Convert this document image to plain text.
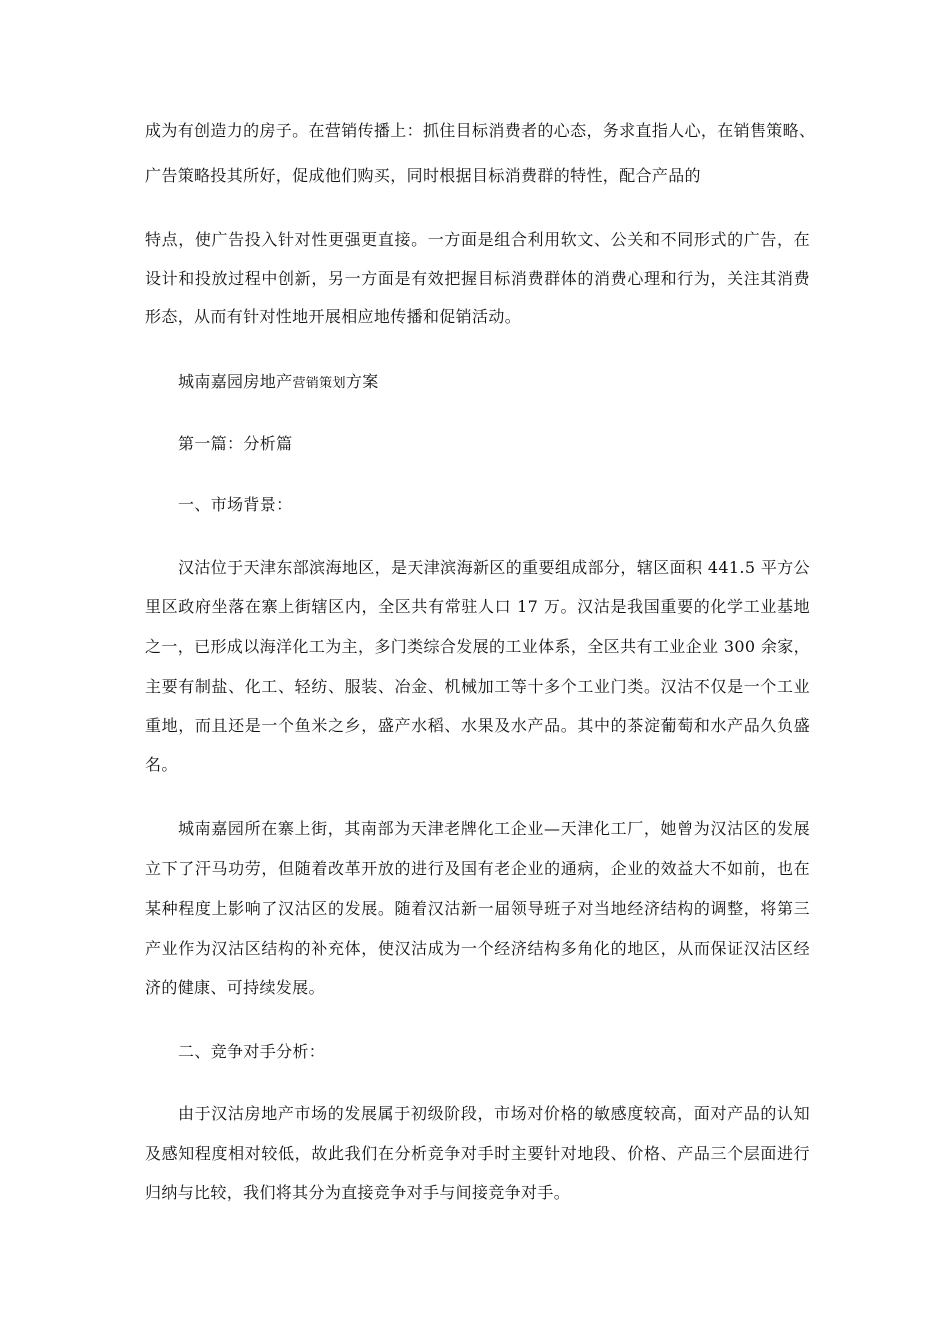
成为有创造力的房子。在营销传播上：抓住目标消费者的心态，务求直指人心，在销售策略、
广告策略投其所好，促成他们购买，同时根据目标消费群的特性，配合产品的
特点，使广告投入针对性更强更直接。一方面是组合利用软文、公关和不同形式的广告，在
设计和投放过程中创新，另一方面是有效把握目标消费群体的消费心理和行为，关注其消费
形态，从而有针对性地开展相应地传播和促销活动。
城南嘉园房地产营销策划方案
第一篇：分析篇
一、市场背景：
汉沽位于天津东部滨海地区，是天津滨海新区的重要组成部分，辖区面积 441.5 平方公
里区政府坐落在寨上街辖区内，全区共有常驻人口 17 万。汉沽是我国重要的化学工业基地
之一，已形成以海洋化工为主，多门类综合发展的工业体系，全区共有工业企业 300 余家，
主要有制盐、化工、轻纺、服装、冶金、机械加工等十多个工业门类。汉沽不仅是一个工业
重地，而且还是一个鱼米之乡，盛产水稻、水果及水产品。其中的茶淀葡萄和水产品久负盛
名。
城南嘉园所在寨上街，其南部为天津老牌化工企业—天津化工厂，她曾为汉沽区的发展
立下了汗马功劳，但随着改革开放的进行及国有老企业的通病，企业的效益大不如前，也在
某种程度上影响了汉沽区的发展。随着汉沽新一届领导班子对当地经济结构的调整，将第三
产业作为汉沽区结构的补充体，使汉沽成为一个经济结构多角化的地区，从而保证汉沽区经
济的健康、可持续发展。
二、竞争对手分析：
由于汉沽房地产市场的发展属于初级阶段，市场对价格的敏感度较高，面对产品的认知
及感知程度相对较低，故此我们在分析竞争对手时主要针对地段、价格、产品三个层面进行
归纳与比较，我们将其分为直接竞争对手与间接竞争对手。
